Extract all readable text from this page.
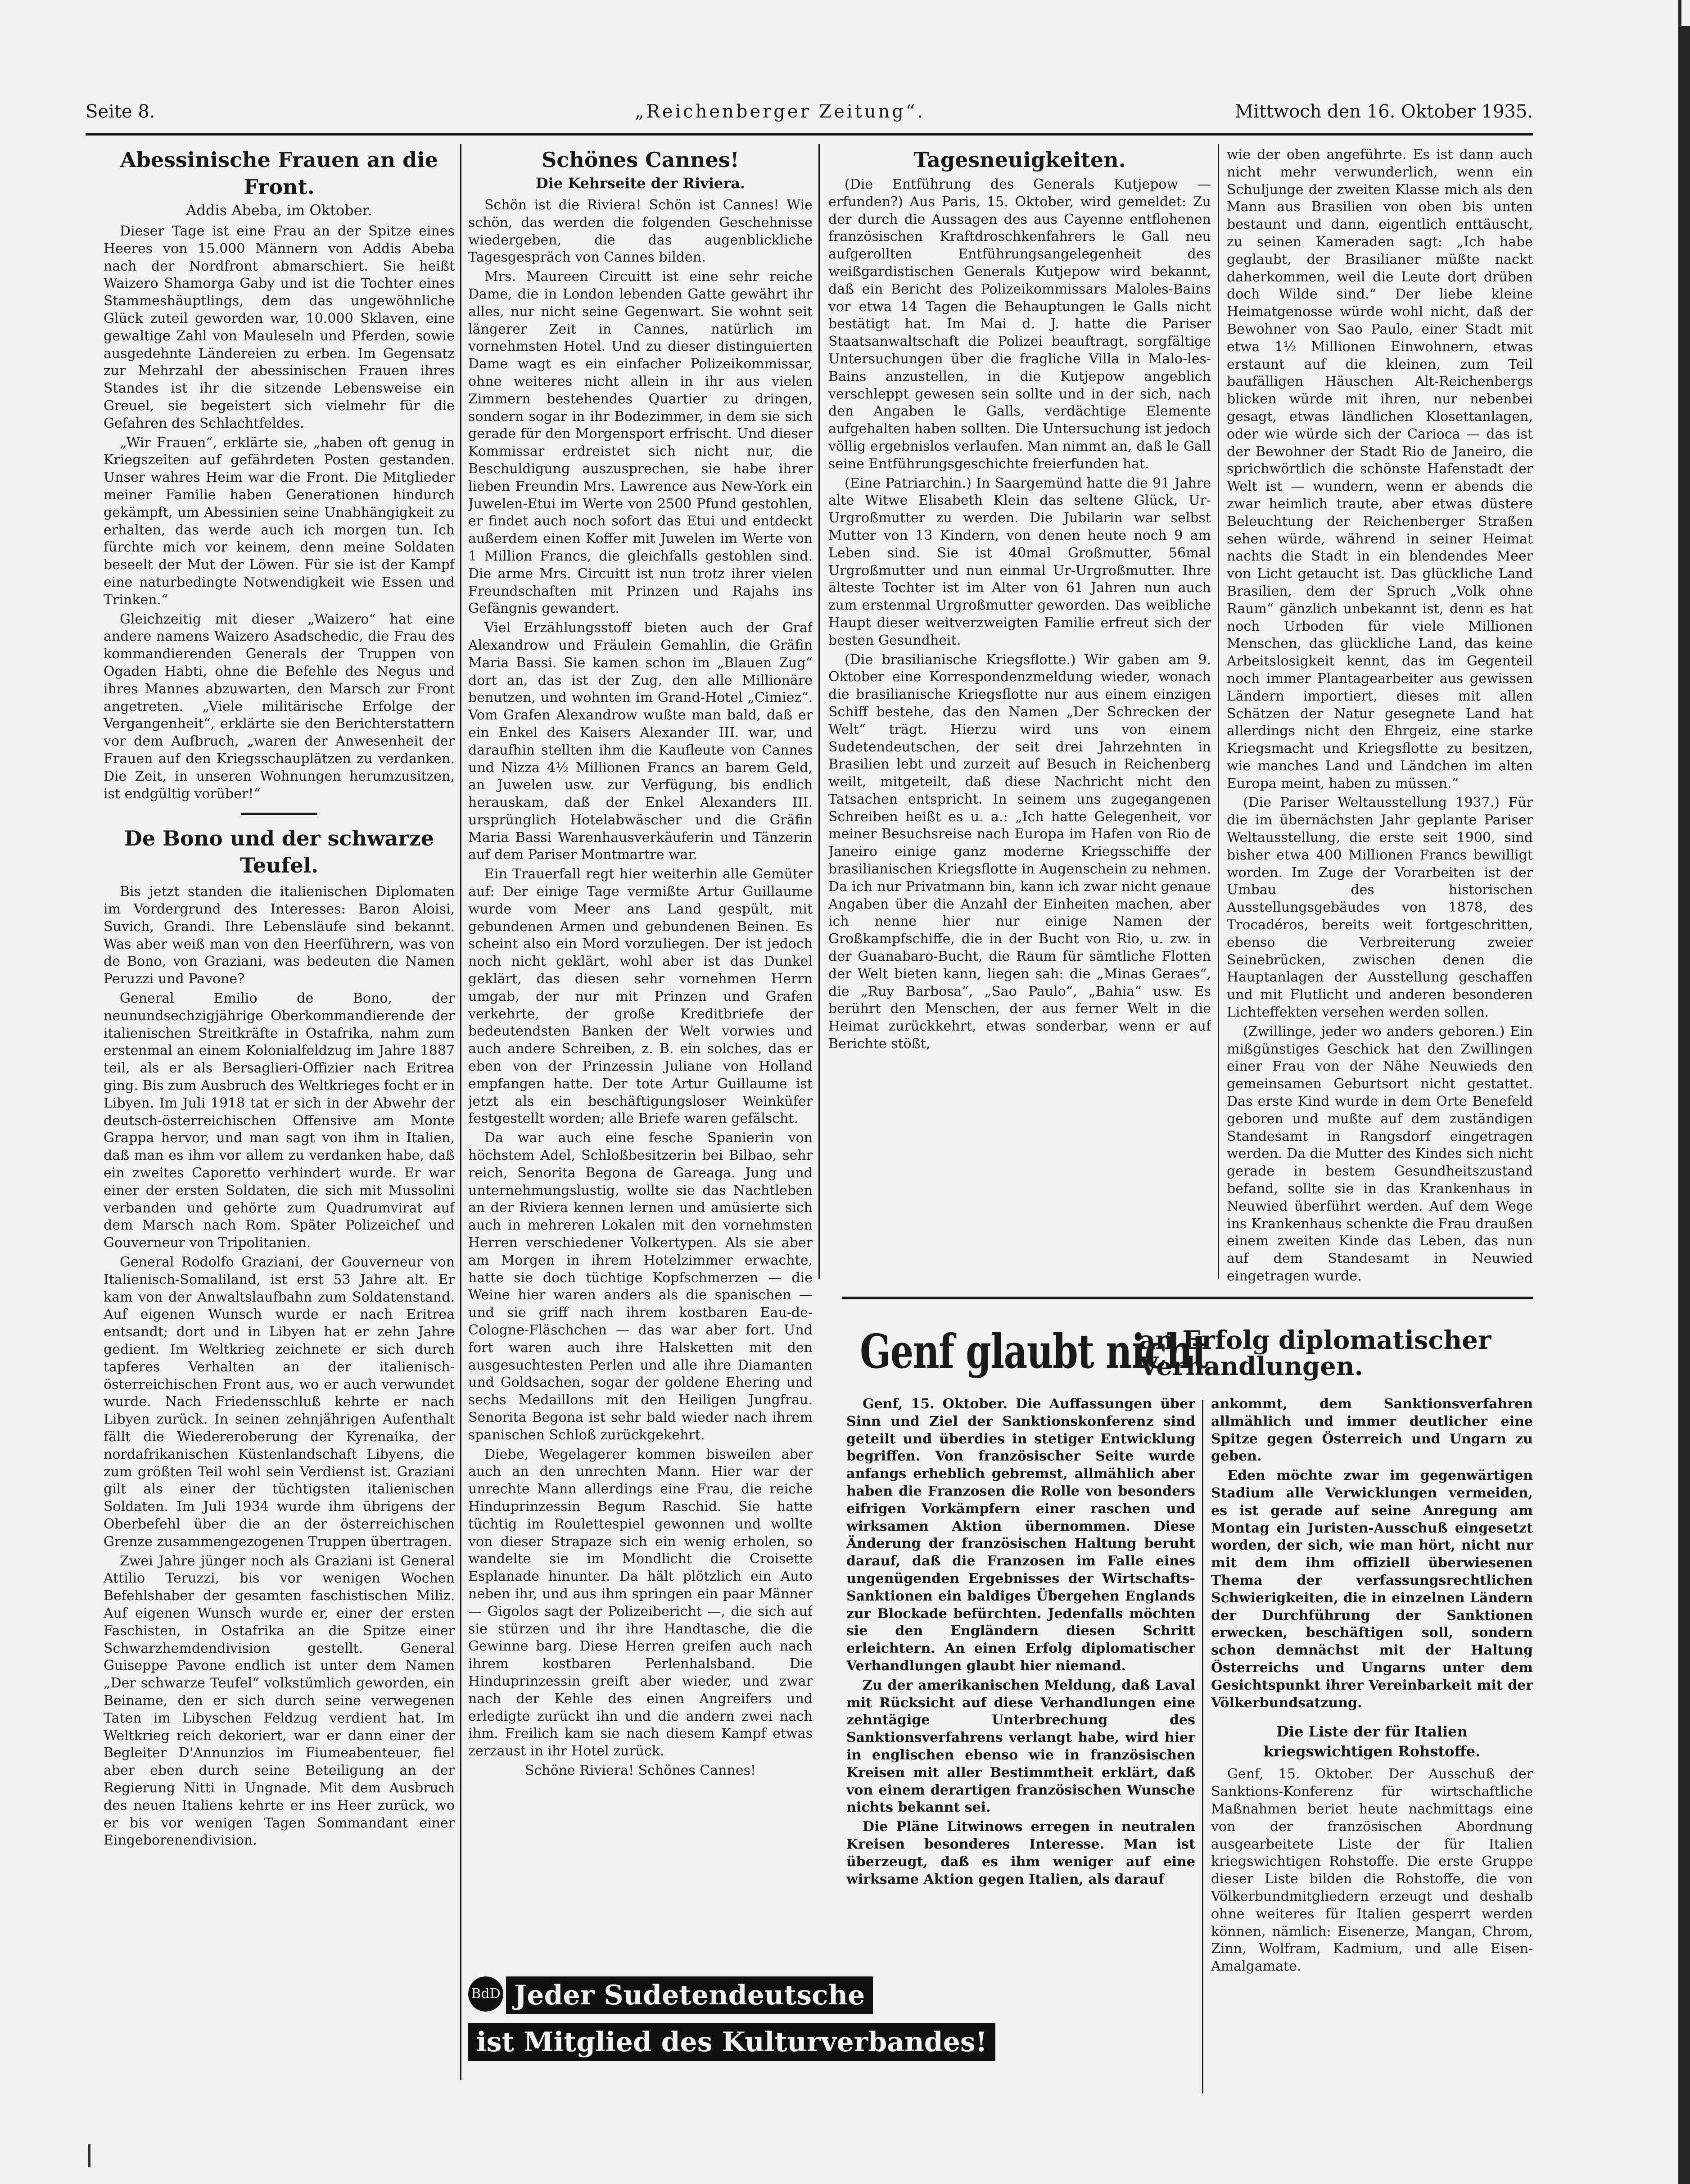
Seite 8.	„Reichenberger Zeitung“.	Mittwoch den 16. Oktober 1935.
Abessinische Frauen an die Front.
Addis Abeba, im Oktober.

Dieser Tage ist eine Frau an der Spitze eines Heeres von 15.000 Männern von Addis Abeba nach der Nordfront abmarschiert. Sie heißt Waizero Shamorga Gaby und ist die Tochter eines Stammeshäuptlings, dem das ungewöhnliche Glück zuteil geworden war, 10.000 Sklaven, eine gewaltige Zahl von Mauleseln und Pferden, sowie ausgedehnte Ländereien zu erben. Im Gegensatz zur Mehrzahl der abessinischen Frauen ihres Standes ist ihr die sitzende Lebensweise ein Greuel, sie begeistert sich vielmehr für die Gefahren des Schlachtfeldes.

„Wir Frauen“, erklärte sie, „haben oft genug in Kriegszeiten auf gefährdeten Posten gestanden. Unser wahres Heim war die Front. Die Mitglieder meiner Familie haben Generationen hindurch gekämpft, um Abessinien seine Unabhängigkeit zu erhalten, das werde auch ich morgen tun. Ich fürchte mich vor keinem, denn meine Soldaten beseelt der Mut der Löwen. Für sie ist der Kampf eine naturbedingte Notwendigkeit wie Essen und Trinken.“

Gleichzeitig mit dieser „Waizero“ hat eine andere namens Waizero Asadschedic, die Frau des kommandierenden Generals der Truppen von Ogaden Habti, ohne die Befehle des Negus und ihres Mannes abzuwarten, den Marsch zur Front angetreten. „Viele militärische Erfolge der Vergangenheit“, erklärte sie den Berichterstattern vor dem Aufbruch, „waren der Anwesenheit der Frauen auf den Kriegsschauplätzen zu verdanken. Die Zeit, in unseren Wohnungen herumzusitzen, ist endgültig vorüber!“

De Bono und der schwarze Teufel.

Bis jetzt standen die italienischen Diplomaten im Vordergrund des Interesses: Baron Aloisi, Suvich, Grandi. Ihre Lebensläufe sind bekannt. Was aber weiß man von den Heerführern, was von de Bono, von Graziani, was bedeuten die Namen Peruzzi und Pavone?

General Emilio de Bono, der neunundsechzigjährige Oberkommandierende der italienischen Streitkräfte in Ostafrika, nahm zum erstenmal an einem Kolonialfeldzug im Jahre 1887 teil, als er als Bersaglieri-Offizier nach Eritrea ging. Bis zum Ausbruch des Weltkrieges focht er in Libyen. Im Juli 1918 tat er sich in der Abwehr der deutsch-österreichischen Offensive am Monte Grappa hervor, und man sagt von ihm in Italien, daß man es ihm vor allem zu verdanken habe, daß ein zweites Caporetto verhindert wurde. Er war einer der ersten Soldaten, die sich mit Mussolini verbanden und gehörte zum Quadrumvirat auf dem Marsch nach Rom. Später Polizeichef und Gouverneur von Tripolitanien.

General Rodolfo Graziani, der Gouverneur von Italienisch-Somaliland, ist erst 53 Jahre alt. Er kam von der Anwaltslaufbahn zum Soldatenstand. Auf eigenen Wunsch wurde er nach Eritrea entsandt; dort und in Libyen hat er zehn Jahre gedient. Im Weltkrieg zeichnete er sich durch tapferes Verhalten an der italienisch-österreichischen Front aus, wo er auch verwundet wurde. Nach Friedensschluß kehrte er nach Libyen zurück. In seinen zehnjährigen Aufenthalt fällt die Wiedereroberung der Kyrenaika, der nordafrikanischen Küstenlandschaft Libyens, die zum größten Teil wohl sein Verdienst ist. Graziani gilt als einer der tüchtigsten italienischen Soldaten. Im Juli 1934 wurde ihm übrigens der Oberbefehl über die an der österreichischen Grenze zusammengezogenen Truppen übertragen.

Zwei Jahre jünger noch als Graziani ist General Attilio Teruzzi, bis vor wenigen Wochen Befehlshaber der gesamten faschistischen Miliz. Auf eigenen Wunsch wurde er, einer der ersten Faschisten, in Ostafrika an die Spitze einer Schwarzhemdendivision gestellt. General Guiseppe Pavone endlich ist unter dem Namen „Der schwarze Teufel“ volkstümlich geworden, ein Beiname, den er sich durch seine verwegenen Taten im Libyschen Feldzug verdient hat. Im Weltkrieg reich dekoriert, war er dann einer der Begleiter D'Annunzios im Fiumeabenteuer, fiel aber eben durch seine Beteiligung an der Regierung Nitti in Ungnade. Mit dem Ausbruch des neuen Italiens kehrte er ins Heer zurück, wo er bis vor wenigen Tagen Sommandant einer Eingeborenendivision.

Schönes Cannes!
Die Kehrseite der Riviera.

Schön ist die Riviera! Schön ist Cannes! Wie schön, das werden die folgenden Geschehnisse wiedergeben, die das augenblickliche Tagesgespräch von Cannes bilden.

Mrs. Maureen Circuitt ist eine sehr reiche Dame, die in London lebenden Gatte gewährt ihr alles, nur nicht seine Gegenwart. Sie wohnt seit längerer Zeit in Cannes, natürlich im vornehmsten Hotel. Und zu dieser distinguierten Dame wagt es ein einfacher Polizeikommissar, ohne weiteres nicht allein in ihr aus vielen Zimmern bestehendes Quartier zu dringen, sondern sogar in ihr Bodezimmer, in dem sie sich gerade für den Morgensport erfrischt. Und dieser Kommissar erdreistet sich nicht nur, die Beschuldigung auszusprechen, sie habe ihrer lieben Freundin Mrs. Lawrence aus New-York ein Juwelen-Etui im Werte von 2500 Pfund gestohlen, er findet auch noch sofort das Etui und entdeckt außerdem einen Koffer mit Juwelen im Werte von 1 Million Francs, die gleichfalls gestohlen sind. Die arme Mrs. Circuitt ist nun trotz ihrer vielen Freundschaften mit Prinzen und Rajahs ins Gefängnis gewandert.

Viel Erzählungsstoff bieten auch der Graf Alexandrow und Fräulein Gemahlin, die Gräfin Maria Bassi. Sie kamen schon im „Blauen Zug“ dort an, das ist der Zug, den alle Millionäre benutzen, und wohnten im Grand-Hotel „Cimiez“. Vom Grafen Alexandrow wußte man bald, daß er ein Enkel des Kaisers Alexander III. war, und daraufhin stellten ihm die Kaufleute von Cannes und Nizza 4½ Millionen Francs an barem Geld, an Juwelen usw. zur Verfügung, bis endlich herauskam, daß der Enkel Alexanders III. ursprünglich Hotelabwäscher und die Gräfin Maria Bassi Warenhausverkäuferin und Tänzerin auf dem Pariser Montmartre war.

Ein Trauerfall regt hier weiterhin alle Gemüter auf: Der einige Tage vermißte Artur Guillaume wurde vom Meer ans Land gespült, mit gebundenen Armen und gebundenen Beinen. Es scheint also ein Mord vorzuliegen. Der ist jedoch noch nicht geklärt, wohl aber ist das Dunkel geklärt, das diesen sehr vornehmen Herrn umgab, der nur mit Prinzen und Grafen verkehrte, der große Kreditbriefe der bedeutendsten Banken der Welt vorwies und auch andere Schreiben, z. B. ein solches, das er eben von der Prinzessin Juliane von Holland empfangen hatte. Der tote Artur Guillaume ist jetzt als ein beschäftigungsloser Weinküfer festgestellt worden; alle Briefe waren gefälscht.

Da war auch eine fesche Spanierin von höchstem Adel, Schloßbesitzerin bei Bilbao, sehr reich, Senorita Begona de Gareaga. Jung und unternehmungslustig, wollte sie das Nachtleben an der Riviera kennen lernen und amüsierte sich auch in mehreren Lokalen mit den vornehmsten Herren verschiedener Volkertypen. Als sie aber am Morgen in ihrem Hotelzimmer erwachte, hatte sie doch tüchtige Kopfschmerzen — die Weine hier waren anders als die spanischen — und sie griff nach ihrem kostbaren Eau-de-Cologne-Fläschchen — das war aber fort. Und fort waren auch ihre Halsketten mit den ausgesuchtesten Perlen und alle ihre Diamanten und Goldsachen, sogar der goldene Ehering und sechs Medaillons mit den Heiligen Jungfrau. Senorita Begona ist sehr bald wieder nach ihrem spanischen Schloß zurückgekehrt.

Diebe, Wegelagerer kommen bisweilen aber auch an den unrechten Mann. Hier war der unrechte Mann allerdings eine Frau, die reiche Hinduprinzessin Begum Raschid. Sie hatte tüchtig im Roulettespiel gewonnen und wollte von dieser Strapaze sich ein wenig erholen, so wandelte sie im Mondlicht die Croisette Esplanade hinunter. Da hält plötzlich ein Auto neben ihr, und aus ihm springen ein paar Männer — Gigolos sagt der Polizeibericht —, die sich auf sie stürzen und ihr ihre Handtasche, die die Gewinne barg. Diese Herren greifen auch nach ihrem kostbaren Perlenhalsband. Die Hinduprinzessin greift aber wieder, und zwar nach der Kehle des einen Angreifers und erledigte zurückt ihn und die andern zwei nach ihm. Freilich kam sie nach diesem Kampf etwas zerzaust in ihr Hotel zurück.

Schöne Riviera! Schönes Cannes!

BdD Jeder Sudetendeutsche
ist Mitglied des Kulturverbandes!
Tagesneuigkeiten.

(Die Entführung des Generals Kutjepow — erfunden?) Aus Paris, 15. Oktober, wird gemeldet: Zu der durch die Aussagen des aus Cayenne entflohenen französischen Kraftdroschkenfahrers le Gall neu aufgerollten Entführungsangelegenheit des weißgardistischen Generals Kutjepow wird bekannt, daß ein Bericht des Polizeikommissars Maloles-Bains vor etwa 14 Tagen die Behauptungen le Galls nicht bestätigt hat. Im Mai d. J. hatte die Pariser Staatsanwaltschaft die Polizei beauftragt, sorgfältige Untersuchungen über die fragliche Villa in Malo-les-Bains anzustellen, in die Kutjepow angeblich verschleppt gewesen sein sollte und in der sich, nach den Angaben le Galls, verdächtige Elemente aufgehalten haben sollten. Die Untersuchung ist jedoch völlig ergebnislos verlaufen. Man nimmt an, daß le Gall seine Entführungsgeschichte freierfunden hat.

(Eine Patriarchin.) In Saargemünd hatte die 91 Jahre alte Witwe Elisabeth Klein das seltene Glück, Ur-Urgroßmutter zu werden. Die Jubilarin war selbst Mutter von 13 Kindern, von denen heute noch 9 am Leben sind. Sie ist 40mal Großmutter, 56mal Urgroßmutter und nun einmal Ur-Urgroßmutter. Ihre älteste Tochter ist im Alter von 61 Jahren nun auch zum erstenmal Urgroßmutter geworden. Das weibliche Haupt dieser weitverzweigten Familie erfreut sich der besten Gesundheit.

(Die brasilianische Kriegsflotte.) Wir gaben am 9. Oktober eine Korrespondenzmeldung wieder, wonach die brasilianische Kriegsflotte nur aus einem einzigen Schiff bestehe, das den Namen „Der Schrecken der Welt“ trägt. Hierzu wird uns von einem Sudetendeutschen, der seit drei Jahrzehnten in Brasilien lebt und zurzeit auf Besuch in Reichenberg weilt, mitgeteilt, daß diese Nachricht nicht den Tatsachen entspricht. In seinem uns zugegangenen Schreiben heißt es u. a.: „Ich hatte Gelegenheit, vor meiner Besuchsreise nach Europa im Hafen von Rio de Janeiro einige ganz moderne Kriegsschiffe der brasilianischen Kriegsflotte in Augenschein zu nehmen. Da ich nur Privatmann bin, kann ich zwar nicht genaue Angaben über die Anzahl der Einheiten machen, aber ich nenne hier nur einige Namen der Großkampfschiffe, die in der Bucht von Rio, u. zw. in der Guanabaro-Bucht, die Raum für sämtliche Flotten der Welt bieten kann, liegen sah: die „Minas Geraes“, die „Ruy Barbosa“, „Sao Paulo“, „Bahia“ usw. Es berührt den Menschen, der aus ferner Welt in die Heimat zurückkehrt, etwas sonderbar, wenn er auf Berichte stößt,

wie der oben angeführte. Es ist dann auch nicht mehr verwunderlich, wenn ein Schuljunge der zweiten Klasse mich als den Mann aus Brasilien von oben bis unten bestaunt und dann, eigentlich enttäuscht, zu seinen Kameraden sagt: „Ich habe geglaubt, der Brasilianer müßte nackt daherkommen, weil die Leute dort drüben doch Wilde sind.“ Der liebe kleine Heimatgenosse würde wohl nicht, daß der Bewohner von Sao Paulo, einer Stadt mit etwa 1½ Millionen Einwohnern, etwas erstaunt auf die kleinen, zum Teil baufälligen Häuschen Alt-Reichenbergs blicken würde mit ihren, nur nebenbei gesagt, etwas ländlichen Klosettanlagen, oder wie würde sich der Carioca — das ist der Bewohner der Stadt Rio de Janeiro, die sprichwörtlich die schönste Hafenstadt der Welt ist — wundern, wenn er abends die zwar heimlich traute, aber etwas düstere Beleuchtung der Reichenberger Straßen sehen würde, während in seiner Heimat nachts die Stadt in ein blendendes Meer von Licht getaucht ist. Das glückliche Land Brasilien, dem der Spruch „Volk ohne Raum“ gänzlich unbekannt ist, denn es hat noch Urboden für viele Millionen Menschen, das glückliche Land, das keine Arbeitslosigkeit kennt, das im Gegenteil noch immer Plantagearbeiter aus gewissen Ländern importiert, dieses mit allen Schätzen der Natur gesegnete Land hat allerdings nicht den Ehrgeiz, eine starke Kriegsmacht und Kriegsflotte zu besitzen, wie manches Land und Ländchen im alten Europa meint, haben zu müssen.“

(Die Pariser Weltausstellung 1937.) Für die im übernächsten Jahr geplante Pariser Weltausstellung, die erste seit 1900, sind bisher etwa 400 Millionen Francs bewilligt worden. Im Zuge der Vorarbeiten ist der Umbau des historischen Ausstellungsgebäudes von 1878, des Trocadéros, bereits weit fortgeschritten, ebenso die Verbreiterung zweier Seinebrücken, zwischen denen die Hauptanlagen der Ausstellung geschaffen und mit Flutlicht und anderen besonderen Lichteffekten versehen werden sollen.

(Zwillinge, jeder wo anders geboren.) Ein mißgünstiges Geschick hat den Zwillingen einer Frau von der Nähe Neuwieds den gemeinsamen Geburtsort nicht gestattet. Das erste Kind wurde in dem Orte Benefeld geboren und mußte auf dem zuständigen Standesamt in Rangsdorf eingetragen werden. Da die Mutter des Kindes sich nicht gerade in bestem Gesundheitszustand befand, sollte sie in das Krankenhaus in Neuwied überführt werden. Auf dem Wege ins Krankenhaus schenkte die Frau draußen einem zweiten Kinde das Leben, das nun auf dem Standesamt in Neuwied eingetragen wurde.

Genf glaubt nicht
an Erfolg diplomatischer Verhandlungen.

Genf, 15. Oktober. Die Auffassungen über Sinn und Ziel der Sanktionskonferenz sind geteilt und überdies in stetiger Entwicklung begriffen. Von französischer Seite wurde anfangs erheblich gebremst, allmählich aber haben die Franzosen die Rolle von besonders eifrigen Vorkämpfern einer raschen und wirksamen Aktion übernommen. Diese Änderung der französischen Haltung beruht darauf, daß die Franzosen im Falle eines ungenügenden Ergebnisses der Wirtschafts-Sanktionen ein baldiges Übergehen Englands zur Blockade befürchten. Jedenfalls möchten sie den Engländern diesen Schritt erleichtern. An einen Erfolg diplomatischer Verhandlungen glaubt hier niemand.

Zu der amerikanischen Meldung, daß Laval mit Rücksicht auf diese Verhandlungen eine zehntägige Unterbrechung des Sanktionsverfahrens verlangt habe, wird hier in englischen ebenso wie in französischen Kreisen mit aller Bestimmtheit erklärt, daß von einem derartigen französischen Wunsche nichts bekannt sei.

Die Pläne Litwinows erregen in neutralen Kreisen besonderes Interesse. Man ist überzeugt, daß es ihm weniger auf eine wirksame Aktion gegen Italien, als darauf

ankommt, dem Sanktionsverfahren allmählich und immer deutlicher eine Spitze gegen Österreich und Ungarn zu geben.

Eden möchte zwar im gegenwärtigen Stadium alle Verwicklungen vermeiden, es ist gerade auf seine Anregung am Montag ein Juristen-Ausschuß eingesetzt worden, der sich, wie man hört, nicht nur mit dem ihm offiziell überwiesenen Thema der verfassungsrechtlichen Schwierigkeiten, die in einzelnen Ländern der Durchführung der Sanktionen erwecken, beschäftigen soll, sondern schon demnächst mit der Haltung Österreichs und Ungarns unter dem Gesichtspunkt ihrer Vereinbarkeit mit der Völkerbundsatzung.

Die Liste der für Italien kriegswichtigen Rohstoffe.

Genf, 15. Oktober. Der Ausschuß der Sanktions-Konferenz für wirtschaftliche Maßnahmen beriet heute nachmittags eine von der französischen Abordnung ausgearbeitete Liste der für Italien kriegswichtigen Rohstoffe. Die erste Gruppe dieser Liste bilden die Rohstoffe, die von Völkerbundmitgliedern erzeugt und deshalb ohne weiteres für Italien gesperrt werden können, nämlich: Eisenerze, Mangan, Chrom, Zinn, Wolfram, Kadmium, und alle Eisen-Amalgamate.
